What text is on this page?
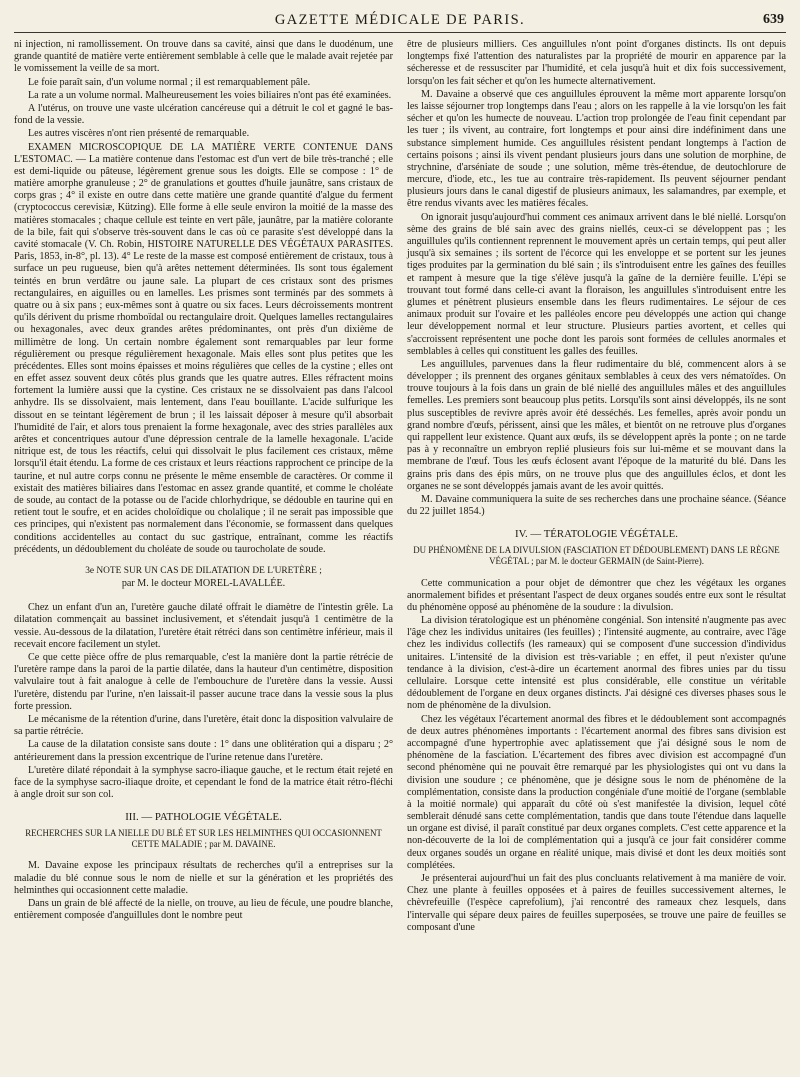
GAZETTE MÉDICALE DE PARIS.	639

ni injection, ni ramollissement. On trouve dans sa cavité, ainsi que dans le duodénum, une grande quantité de matière verte entièrement semblable à celle que le malade avait rejetée par le vomissement la veille de sa mort.

Le foie paraît sain, d'un volume normal ; il est remarquablement pâle.

La rate a un volume normal. Malheureusement les voies biliaires n'ont pas été examinées.

A l'utérus, on trouve une vaste ulcération cancéreuse qui a détruit le col et gagné le bas-fond de la vessie.

Les autres viscères n'ont rien présenté de remarquable.

EXAMEN MICROSCOPIQUE DE LA MATIÈRE VERTE CONTENUE DANS L'ESTOMAC. — La matière contenue dans l'estomac est d'un vert de bile très-tranché ; elle est demi-liquide ou pâteuse, légèrement grenue sous les doigts. Elle se compose : 1° de matière amorphe granuleuse ; 2° de granulations et gouttes d'huile jaunâtre, sans cristaux de corps gras ; 4° il existe en outre dans cette matière une grande quantité d'algue du ferment (cryptococcus cerevisiæ, Kützing). Elle forme à elle seule environ la moitié de la masse des matières stomacales ; chaque cellule est teinte en vert pâle, jaunâtre, par la matière colorante de la bile, fait qui s'observe très-souvent dans le cas où ce parasite s'est développé dans la cavité stomacale (V. Ch. Robin, HISTOIRE NATURELLE DES VÉGÉTAUX PARASITES. Paris, 1853, in-8°, pl. 13). 4° Le reste de la masse est composé entièrement de cristaux, tous à surface un peu rugueuse, bien qu'à arêtes nettement déterminées. Ils sont tous également teintés en brun verdâtre ou jaune sale. La plupart de ces cristaux sont des prismes rectangulaires, en aiguilles ou en lamelles. Les prismes sont terminés par des sommets à quatre ou à six pans ; eux-mêmes sont à quatre ou six faces. Leurs décroissements montrent qu'ils dérivent du prisme rhomboïdal ou rectangulaire droit. Quelques lamelles rectangulaires ou hexagonales, avec deux grandes arêtes prédominantes, ont près d'un dixième de millimètre de long. Un certain nombre également sont remarquables par leur forme régulièrement ou presque régulièrement hexagonale. Mais elles sont plus petites que les précédentes. Elles sont moins épaisses et moins régulières que celles de la cystine ; elles ont en effet assez souvent deux côtés plus grands que les quatre autres. Elles réfractent moins fortement la lumière aussi que la cystine. Ces cristaux ne se dissolvaient pas dans l'alcool anhydre. Ils se dissolvaient, mais lentement, dans l'eau bouillante. L'acide sulfurique les dissout en se teintant légèrement de brun ; il les laissait déposer à mesure qu'il absorbait l'humidité de l'air, et alors tous prenaient la forme hexagonale, avec des stries parallèles aux arêtes et concentriques autour d'une dépression centrale de la lamelle hexagonale. L'acide nitrique est, de tous les réactifs, celui qui dissolvait le plus facilement ces cristaux, même lorsqu'il était étendu. La forme de ces cristaux et leurs réactions rapprochent ce principe de la taurine, et nul autre corps connu ne présente le même ensemble de caractères. Or comme il existait des matières biliaires dans l'estomac en assez grande quantité, et comme le choléate de soude, au contact de la potasse ou de l'acide chlorhydrique, se dédouble en taurine qui en retient tout le soufre, et en acides choloïdique ou cholalique ; il ne serait pas impossible que ces principes, qui n'existent pas normalement dans l'économie, se formassent dans quelques conditions accidentelles au contact du suc gastrique, entraînant, comme les réactifs précédents, un dédoublement du choléate de soude ou taurocholate de soude.

3e NOTE SUR UN CAS DE DILATATION DE L'URETÈRE ;
par M. le docteur MOREL-LAVALLÉE.

Chez un enfant d'un an, l'uretère gauche dilaté offrait le diamètre de l'intestin grêle. La dilatation commençait au bassinet inclusivement, et s'étendait jusqu'à 1 centimètre de la vessie. Au-dessous de la dilatation, l'uretère était rétréci dans son centimètre inférieur, mais il recevait encore facilement un stylet.

Ce que cette pièce offre de plus remarquable, c'est la manière dont la partie rétrécie de l'uretère rampe dans la paroi de la partie dilatée, dans la hauteur d'un centimètre, disposition valvulaire tout à fait analogue à celle de l'embouchure de l'uretère dans la vessie. Aussi l'uretère, distendu par l'urine, n'en laissait-il passer aucune trace dans la vessie sous la plus forte pression.

Le mécanisme de la rétention d'urine, dans l'uretère, était donc la disposition valvulaire de sa partie rétrécie.

La cause de la dilatation consiste sans doute : 1° dans une oblitération qui a disparu ; 2° antérieurement dans la pression excentrique de l'urine retenue dans l'uretère.

L'uretère dilaté répondait à la symphyse sacro-iliaque gauche, et le rectum était rejeté en face de la symphyse sacro-iliaque droite, et cependant le fond de la matrice était rétro-fléchi à angle droit sur son col.

III. — PATHOLOGIE VÉGÉTALE.
RECHERCHES SUR LA NIELLE DU BLÉ ET SUR LES HELMINTHES QUI OCCASIONNENT CETTE MALADIE ; par M. DAVAINE.

M. Davaine expose les principaux résultats de recherches qu'il a entreprises sur la maladie du blé connue sous le nom de nielle et sur la génération et les propriétés des helminthes qui occasionnent cette maladie.

Dans un grain de blé affecté de la nielle, on trouve, au lieu de fécule, une poudre blanche, entièrement composée d'anguillules dont le nombre peut

être de plusieurs milliers. Ces anguillules n'ont point d'organes distincts. Ils ont depuis longtemps fixé l'attention des naturalistes par la propriété de mourir en apparence par la sécheresse et de ressusciter par l'humidité, et cela jusqu'à huit et dix fois successivement, lorsqu'on les fait sécher et qu'on les humecte alternativement.

M. Davaine a observé que ces anguillules éprouvent la même mort apparente lorsqu'on les laisse séjourner trop longtemps dans l'eau ; alors on les rappelle à la vie lorsqu'on les fait sécher et qu'on les humecte de nouveau. L'action trop prolongée de l'eau finit cependant par les tuer ; ils vivent, au contraire, fort longtemps et pour ainsi dire indéfiniment dans une substance simplement humide. Ces anguillules résistent pendant longtemps à l'action de certains poisons ; ainsi ils vivent pendant plusieurs jours dans une solution de morphine, de strychnine, d'arséniate de soude ; une solution, même très-étendue, de deutochlorure de mercure, d'iode, etc., les tue au contraire très-rapidement. Ils peuvent séjourner pendant plusieurs jours dans le canal digestif de plusieurs animaux, les salamandres, par exemple, et être rendus vivants avec les matières fécales.

On ignorait jusqu'aujourd'hui comment ces animaux arrivent dans le blé niellé. Lorsqu'on sème des grains de blé sain avec des grains niellés, ceux-ci se développent pas ; les anguillules qu'ils contiennent reprennent le mouvement après un certain temps, qui peut aller jusqu'à six semaines ; ils sortent de l'écorce qui les enveloppe et se portent sur les jeunes tiges produites par la germination du blé sain ; ils s'introduisent entre les gaînes des feuilles et rampent à mesure que la tige s'élève jusqu'à la gaîne de la dernière feuille. L'épi se trouvant tout formé dans celle-ci avant la floraison, les anguillules s'introduisent entre les glumes et pénètrent plusieurs ensemble dans les fleurs rudimentaires. Le séjour de ces animaux produit sur l'ovaire et les palléoles encore peu développés une action qui change leur développement normal et leur structure. Plusieurs parties avortent, et celles qui s'accroissent représentent une poche dont les parois sont formées de cellules anormales et semblables à celles qui constituent les galles des feuilles.

Les anguillules, parvenues dans la fleur rudimentaire du blé, commencent alors à se développer ; ils prennent des organes génitaux semblables à ceux des vers nématoïdes. On trouve toujours à la fois dans un grain de blé niellé des anguillules mâles et des anguillules femelles. Les premiers sont beaucoup plus petits. Lorsqu'ils sont ainsi développés, ils ne sont plus susceptibles de revivre après avoir été desséchés. Les femelles, après avoir pondu un grand nombre d'œufs, périssent, ainsi que les mâles, et bientôt on ne retrouve plus d'organes qui rappellent leur existence. Quant aux œufs, ils se développent après la ponte ; on ne tarde pas à y reconnaître un embryon replié plusieurs fois sur lui-même et se mouvant dans la membrane de l'œuf. Tous les œufs éclosent avant l'époque de la maturité du blé. Dans les grains pris dans des épis mûrs, on ne trouve plus que des anguillules éclos, et dont les organes ne se sont développés jamais avant de les avoir quittés.

M. Davaine communiquera la suite de ses recherches dans une prochaine séance. (Séance du 22 juillet 1854.)

IV. — TÉRATOLOGIE VÉGÉTALE.
DU PHÉNOMÈNE DE LA DIVULSION (FASCIATION ET DÉDOUBLEMENT) DANS LE RÈGNE VÉGÉTAL ; par M. le docteur GERMAIN (de Saint-Pierre).

Cette communication a pour objet de démontrer que chez les végétaux les organes anormalement bifides et présentant l'aspect de deux organes soudés entre eux sont le résultat du phénomène opposé au phénomène de la soudure : la divulsion.

La division tératologique est un phénomène congénial. Son intensité n'augmente pas avec l'âge chez les individus unitaires (les feuilles) ; l'intensité augmente, au contraire, avec l'âge chez les individus collectifs (les rameaux) qui se composent d'une succession d'individus unitaires. L'intensité de la division est très-variable ; en effet, il peut n'exister qu'une tendance à la division, c'est-à-dire un écartement anormal des fibres unies par du tissu cellulaire. Lorsque cette intensité est plus considérable, elle constitue un véritable dédoublement de l'organe en deux organes distincts. J'ai désigné ces diverses phases sous le nom de phénomène de la divulsion.

Chez les végétaux l'écartement anormal des fibres et le dédoublement sont accompagnés de deux autres phénomènes importants : l'écartement anormal des fibres sans division est accompagné d'une hypertrophie avec aplatissement que j'ai désigné sous le nom de phénomène de la fasciation. L'écartement des fibres avec division est accompagné d'un second phénomène qui ne pouvait être remarqué par les physiologistes qui ont vu dans la division une soudure ; ce phénomène, que je désigne sous le nom de phénomène de la complémentation, consiste dans la production congéniale d'une moitié de l'organe (semblable à la moitié normale) qui apparaît du côté où s'est manifestée la division, lequel côté semblerait dénudé sans cette complémentation, tandis que dans toute l'étendue dans laquelle un organe est divisé, il paraît constitué par deux organes complets. C'est cette apparence et la non-découverte de la loi de complémentation qui a jusqu'à ce jour fait considérer comme deux organes soudés un organe en réalité unique, mais divisé et dont les deux moitiés sont complétées.

Je présenterai aujourd'hui un fait des plus concluants relativement à ma manière de voir. Chez une plante à feuilles opposées et à paires de feuilles successivement alternes, le chèvrefeuille (l'espèce caprefolium), j'ai rencontré des rameaux chez lesquels, dans l'intervalle qui sépare deux paires de feuilles superposées, se trouve une paire de feuilles se composant d'une
